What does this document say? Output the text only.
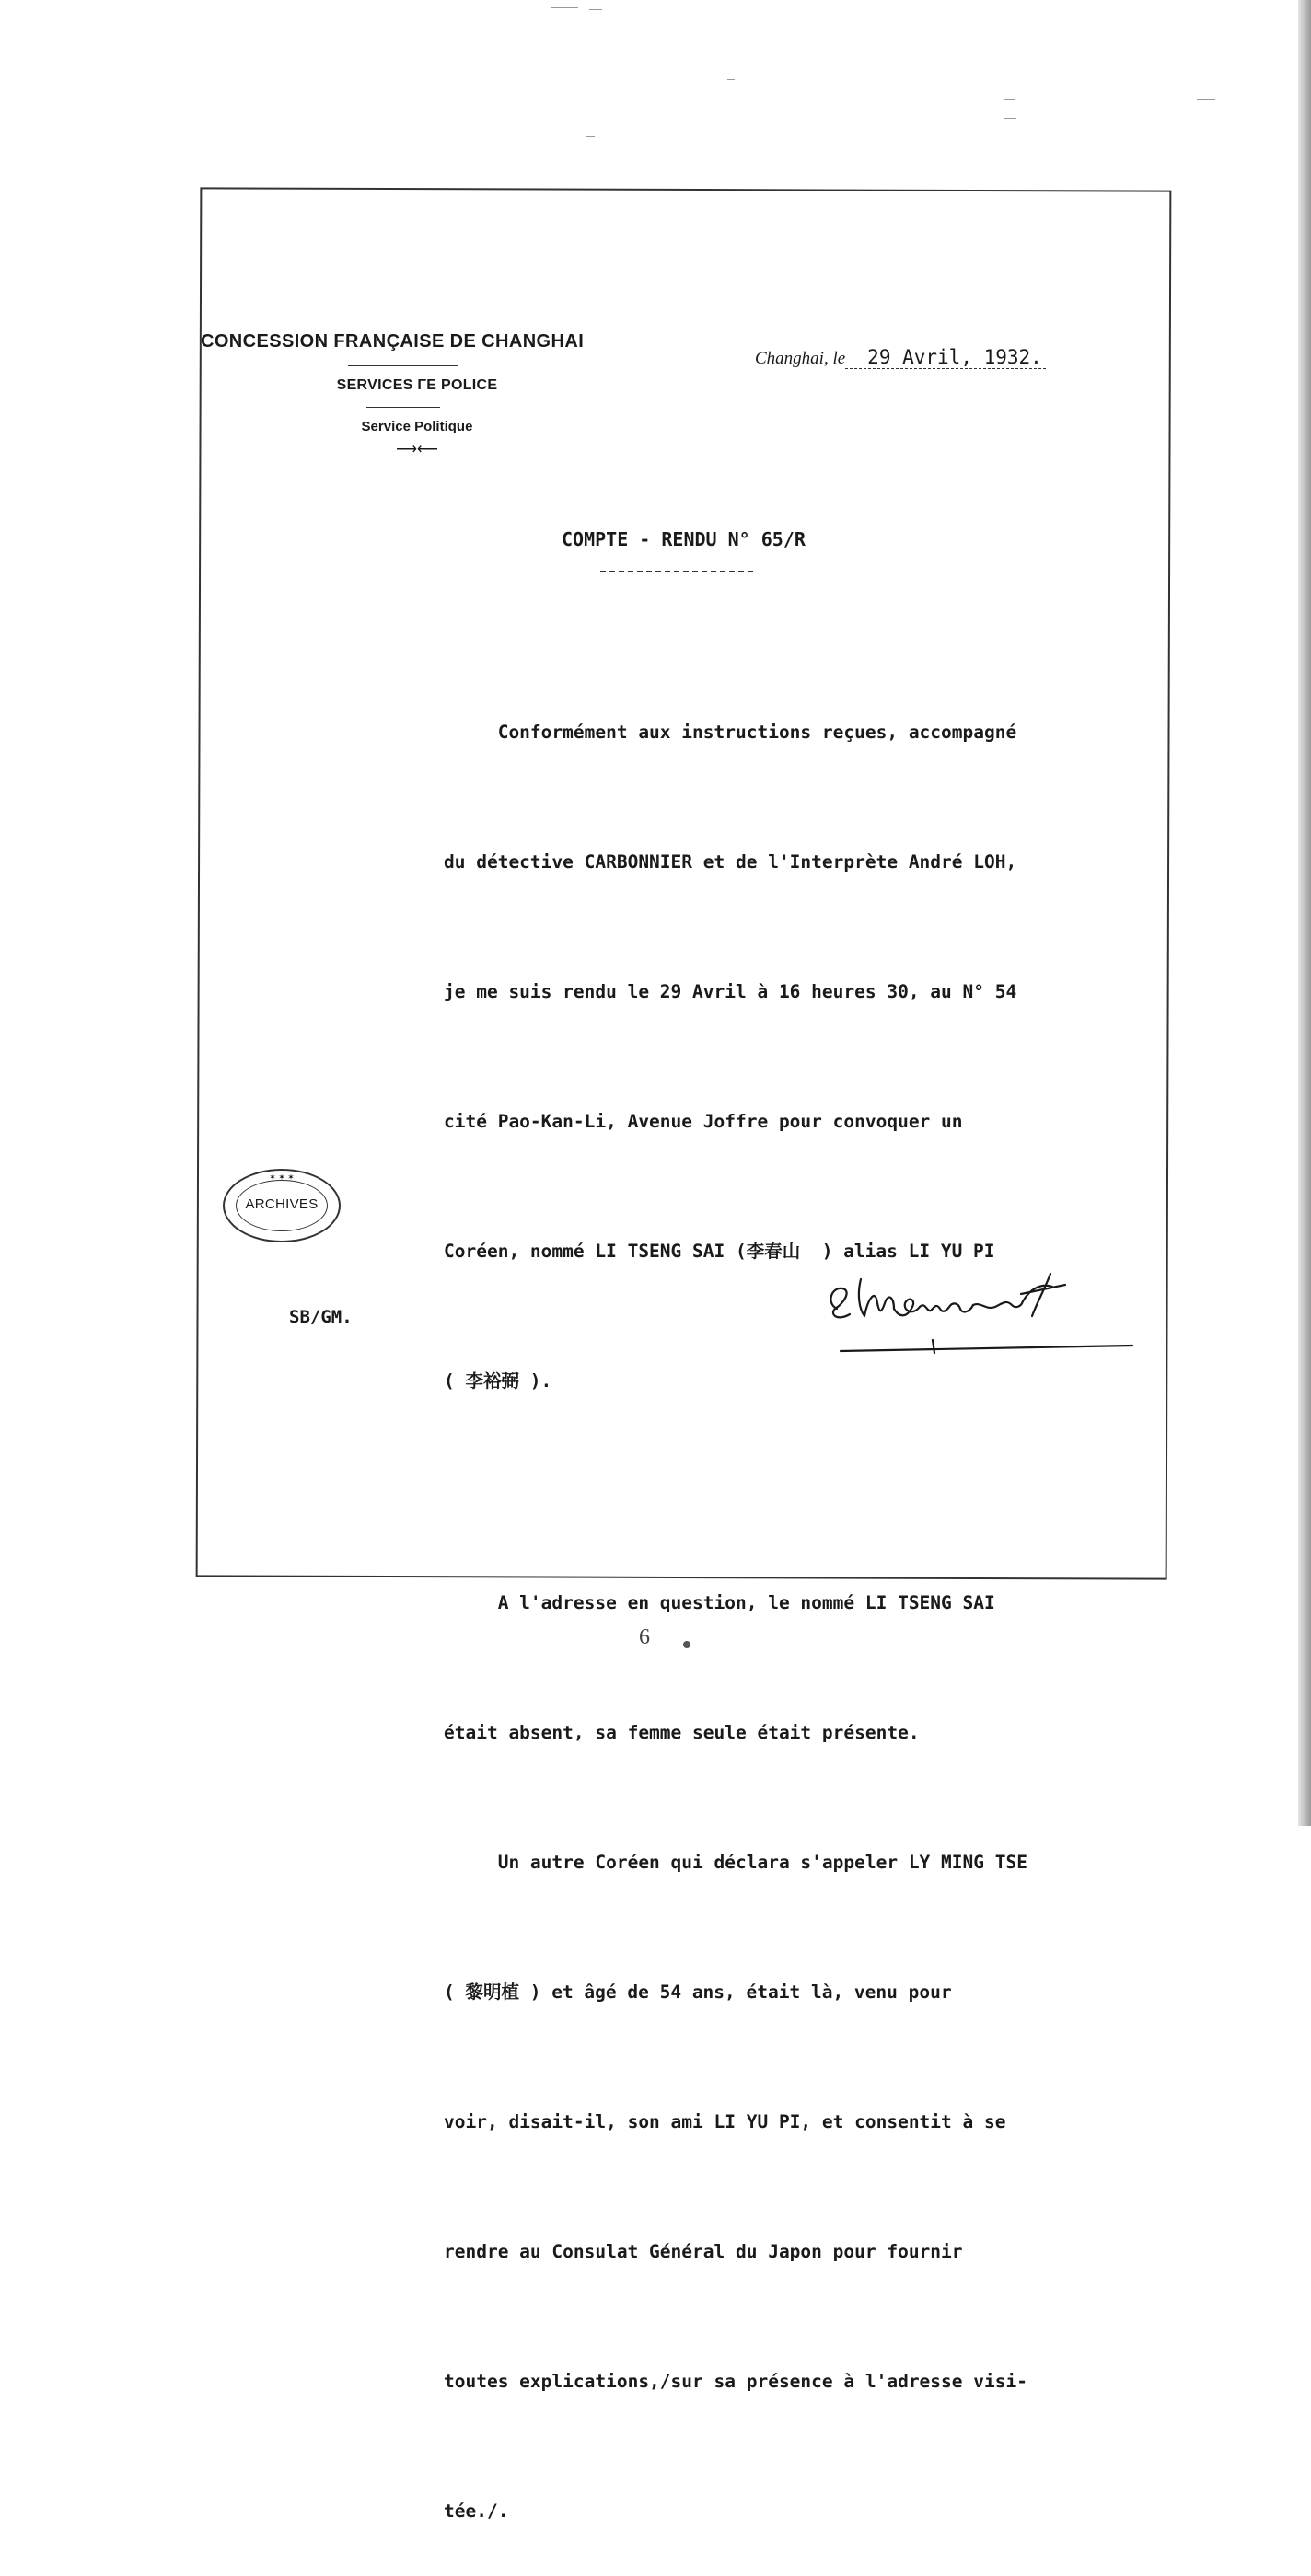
CONCESSION FRANÇAISE DE CHANGHAI
SERVICES ΓE POLICE
Service Politique
⟶⟵
Changhai, le 29 Avril, 1932.
COMPTE - RENDU N° 65/R

Conformément aux instructions reçues, accompagné

du détective CARBONNIER et de l'Interprète André LOH,

je me suis rendu le 29 Avril à 16 heures 30, au N° 54

cité Pao-Kan-Li, Avenue Joffre pour convoquer un

Coréen, nommé LI TSENG SAI (李春山  ) alias LI YU PI

( 李裕弼 ).

A l'adresse en question, le nommé LI TSENG SAI

était absent, sa femme seule était présente.

Un autre Coréen qui déclara s'appeler LY MING TSE

( 黎明植 ) et âgé de 54 ans, était là, venu pour

voir, disait-il, son ami LI YU PI, et consentit à se

rendre au Consulat Général du Japon pour fournir

toutes explications,/sur sa présence à l'adresse visi-

tée./.

✶ ✶ ✶
ARCHIVES
SB/GM.
6
